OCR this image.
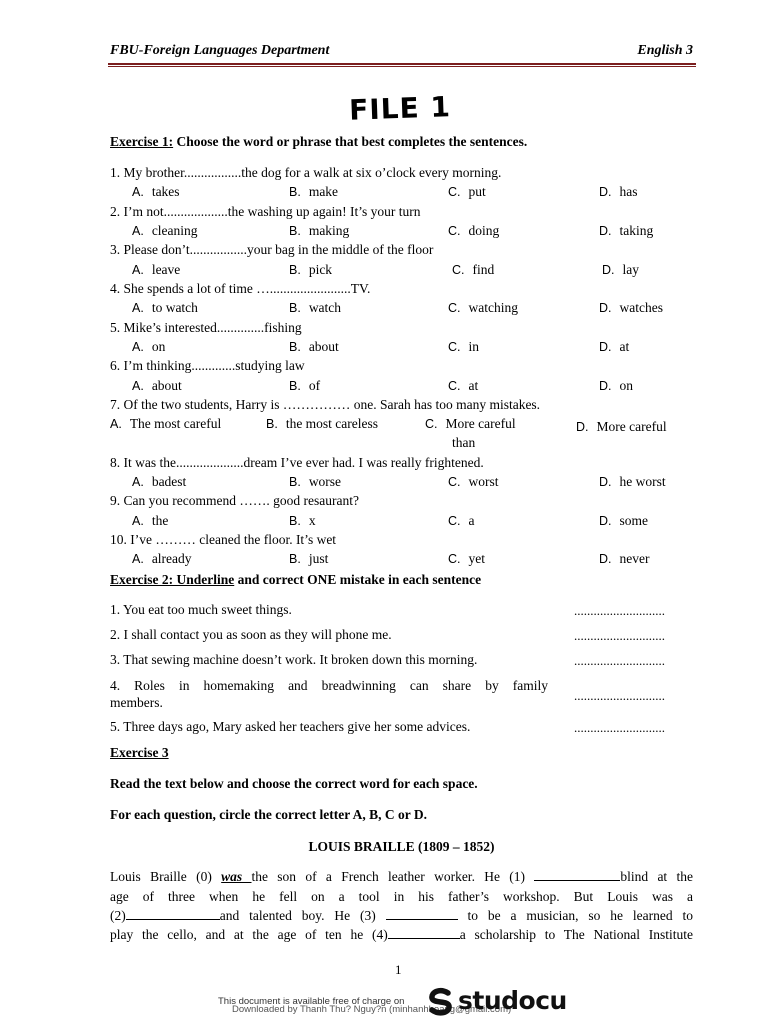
FBU-Foreign Languages Department	English 3
FILE 1
Exercise 1: Choose the word or phrase that best completes the sentences.
1. My brother.................the dog for a walk at six o’clock every morning.
A. takes	B. make	C. put	D. has
2. I’m not...................the washing up again! It’s your turn
A. cleaning	B. making	C. doing	D. taking
3. Please don’t.................your bag in the middle of the floor
A. leave	B. pick	C. find	D. lay
4. She spends a lot of time …........................TV.
A. to watch	B. watch	C. watching	D. watches
5. Mike’s interested..............fishing
A. on	B. about	C. in	D. at
6. I’m thinking.............studying law
A. about	B. of	C. at	D. on
7. Of the two students, Harry is …………… one. Sarah has too many mistakes.
A. The most careful	B. the most careless	C. More careful
than
D. More careful
8. It was the....................dream I’ve ever had. I was really frightened.
A. badest	B. worse	C. worst	D. he worst
9. Can you recommend ……. good resaurant?
A. the	B. x	C. a	D. some
10. I’ve ……… cleaned the floor. It’s wet
A. already	B. just	C. yet	D. never
Exercise 2: Underline and correct ONE mistake in each sentence
1. You eat too much sweet things.	............................
2. I shall contact you as soon as they will phone me.	............................
3. That sewing machine doesn’t work. It broken down this morning.	............................
4. Roles in homemaking and breadwinning can share by family
members.	............................
5. Three days ago, Mary asked her teachers give her some advices.	............................
Exercise 3
Read the text below and choose the correct word for each space.
For each question, circle the correct letter A, B, C or D.
LOUIS BRAILLE (1809 – 1852)
Louis Braille (0) was the son of a French leather worker. He (1)	blind at the
age of three when he fell on a tool in his father’s workshop. But Louis was a
(2)	and talented boy. He (3)	to be a musician, so he learned to
play the cello, and at the age of ten he (4)	a scholarship to The National Institute
1
This document is available free of charge on
Downloaded by Thanh Thu? Nguy?n (minhanhhoang@gmail.com)
studocu
